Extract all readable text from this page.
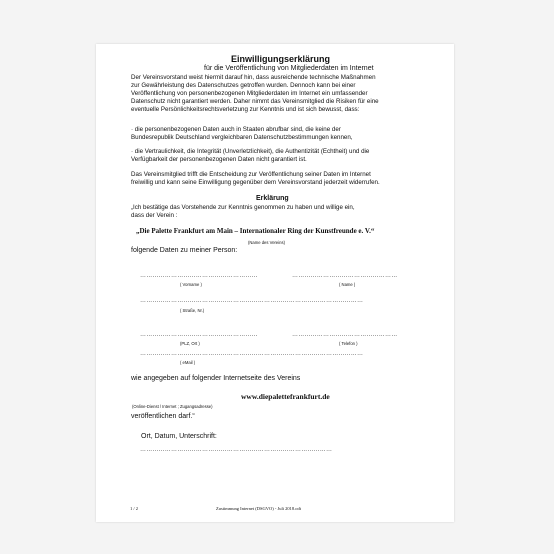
Einwilligungserklärung
für die Veröffentlichung von Mitgliederdaten im Internet
Der Vereinsvorstand weist hiermit darauf hin, dass ausreichende technische Maßnahmen
zur Gewährleistung des Datenschutzes getroffen wurden. Dennoch kann bei einer
Veröffentlichung von personenbezogenen Mitgliederdaten im Internet ein umfassender
Datenschutz nicht garantiert werden. Daher nimmt das Vereinsmitglied die Risiken für eine
eventuelle Persönlichkeitsrechtsverletzung zur Kenntnis und ist sich bewusst, dass:
· die personenbezogenen Daten auch in Staaten abrufbar sind, die keine der
Bundesrepublik Deutschland vergleichbaren Datenschutzbestimmungen kennen,
· die Vertraulichkeit, die Integrität (Unverletzlichkeit), die Authentizität (Echtheit) und die
Verfügbarkeit der personenbezogenen Daten nicht garantiert ist.
Das Vereinsmitglied trifft die Entscheidung zur Veröffentlichung seiner Daten im Internet
freiwillig und kann seine Einwilligung gegenüber dem Vereinsvorstand jederzeit widerrufen.
Erklärung
„Ich bestätige das Vorstehende zur Kenntnis genommen zu haben und willige ein,
dass der Verein :
„Die Palette Frankfurt am Main – Internationaler Ring der Kunstfreunde e. V.“
(Name des Vereins)
folgende Daten zu meiner Person:
…………………………………………………	……………………………………………
( Vorname )	( Name )
………………………………………………………………………………………………
( Straße, Nr.)
…………………………………………………	……………………………………………
(PLZ, Ort )	( Telefon )
………………………………………………………………………………………………
( eMail )
wie angegeben auf folgender Internetseite des Vereins
www.diepalettefrankfurt.de
(Online-Dienst / Internet ; Zugangsadresse)
veröffentlichen darf.“
Ort, Datum, Unterschrift:
…………………………………………………………………………………
1 / 2	Zustimmung Internet (DSGVO) - Juli 2018.odt
